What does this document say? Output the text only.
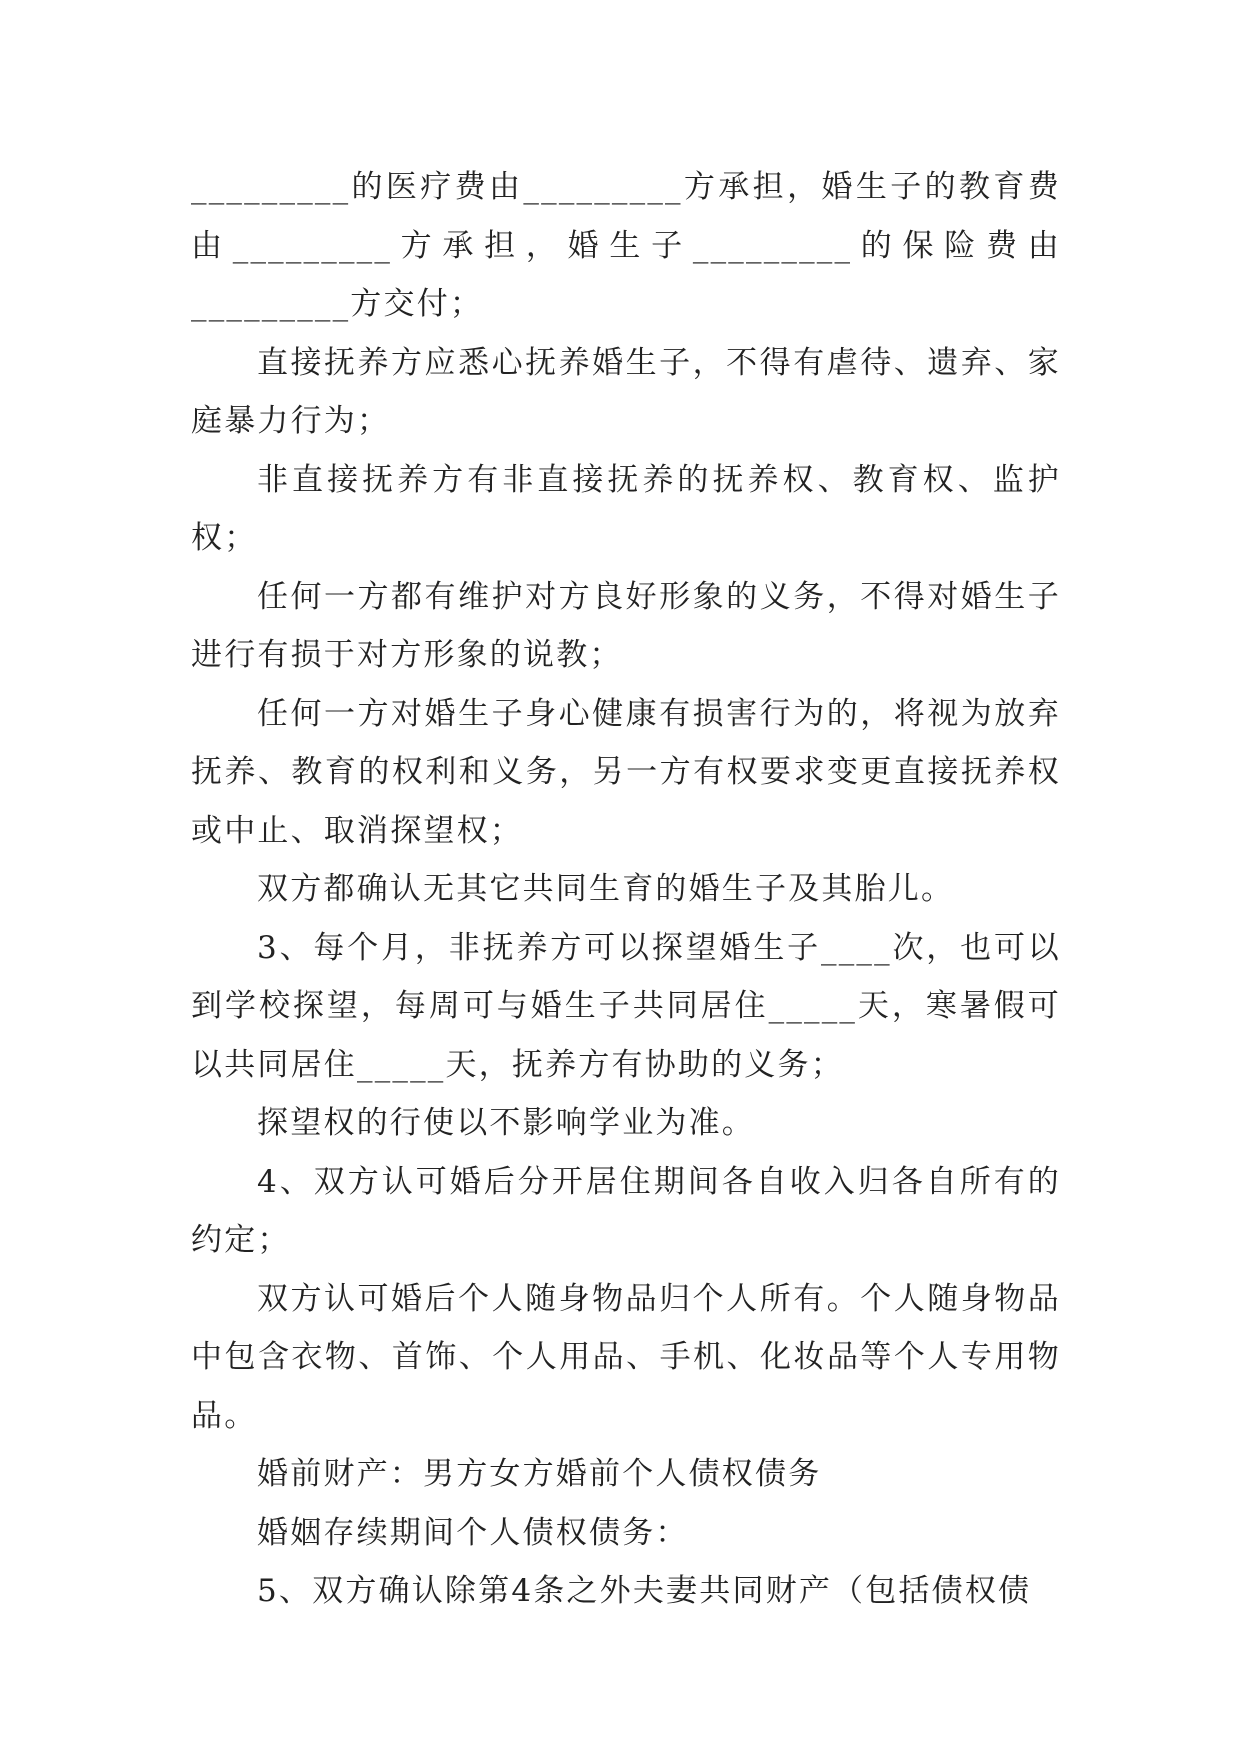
_________的医疗费由_________方承担，婚生子的教育费由_________方承担，婚生子_________的保险费由_________方交付；

直接抚养方应悉心抚养婚生子，不得有虐待、遗弃、家庭暴力行为；

非直接抚养方有非直接抚养的抚养权、教育权、监护权；

任何一方都有维护对方良好形象的义务，不得对婚生子进行有损于对方形象的说教；

任何一方对婚生子身心健康有损害行为的，将视为放弃抚养、教育的权利和义务，另一方有权要求变更直接抚养权或中止、取消探望权；

双方都确认无其它共同生育的婚生子及其胎儿。

3、每个月，非抚养方可以探望婚生子____次，也可以到学校探望，每周可与婚生子共同居住_____天，寒暑假可以共同居住_____天，抚养方有协助的义务；

探望权的行使以不影响学业为准。

4、双方认可婚后分开居住期间各自收入归各自所有的约定；

双方认可婚后个人随身物品归个人所有。个人随身物品中包含衣物、首饰、个人用品、手机、化妆品等个人专用物品。

婚前财产：男方女方婚前个人债权债务

婚姻存续期间个人债权债务：

5、双方确认除第4条之外夫妻共同财产（包括债权债
